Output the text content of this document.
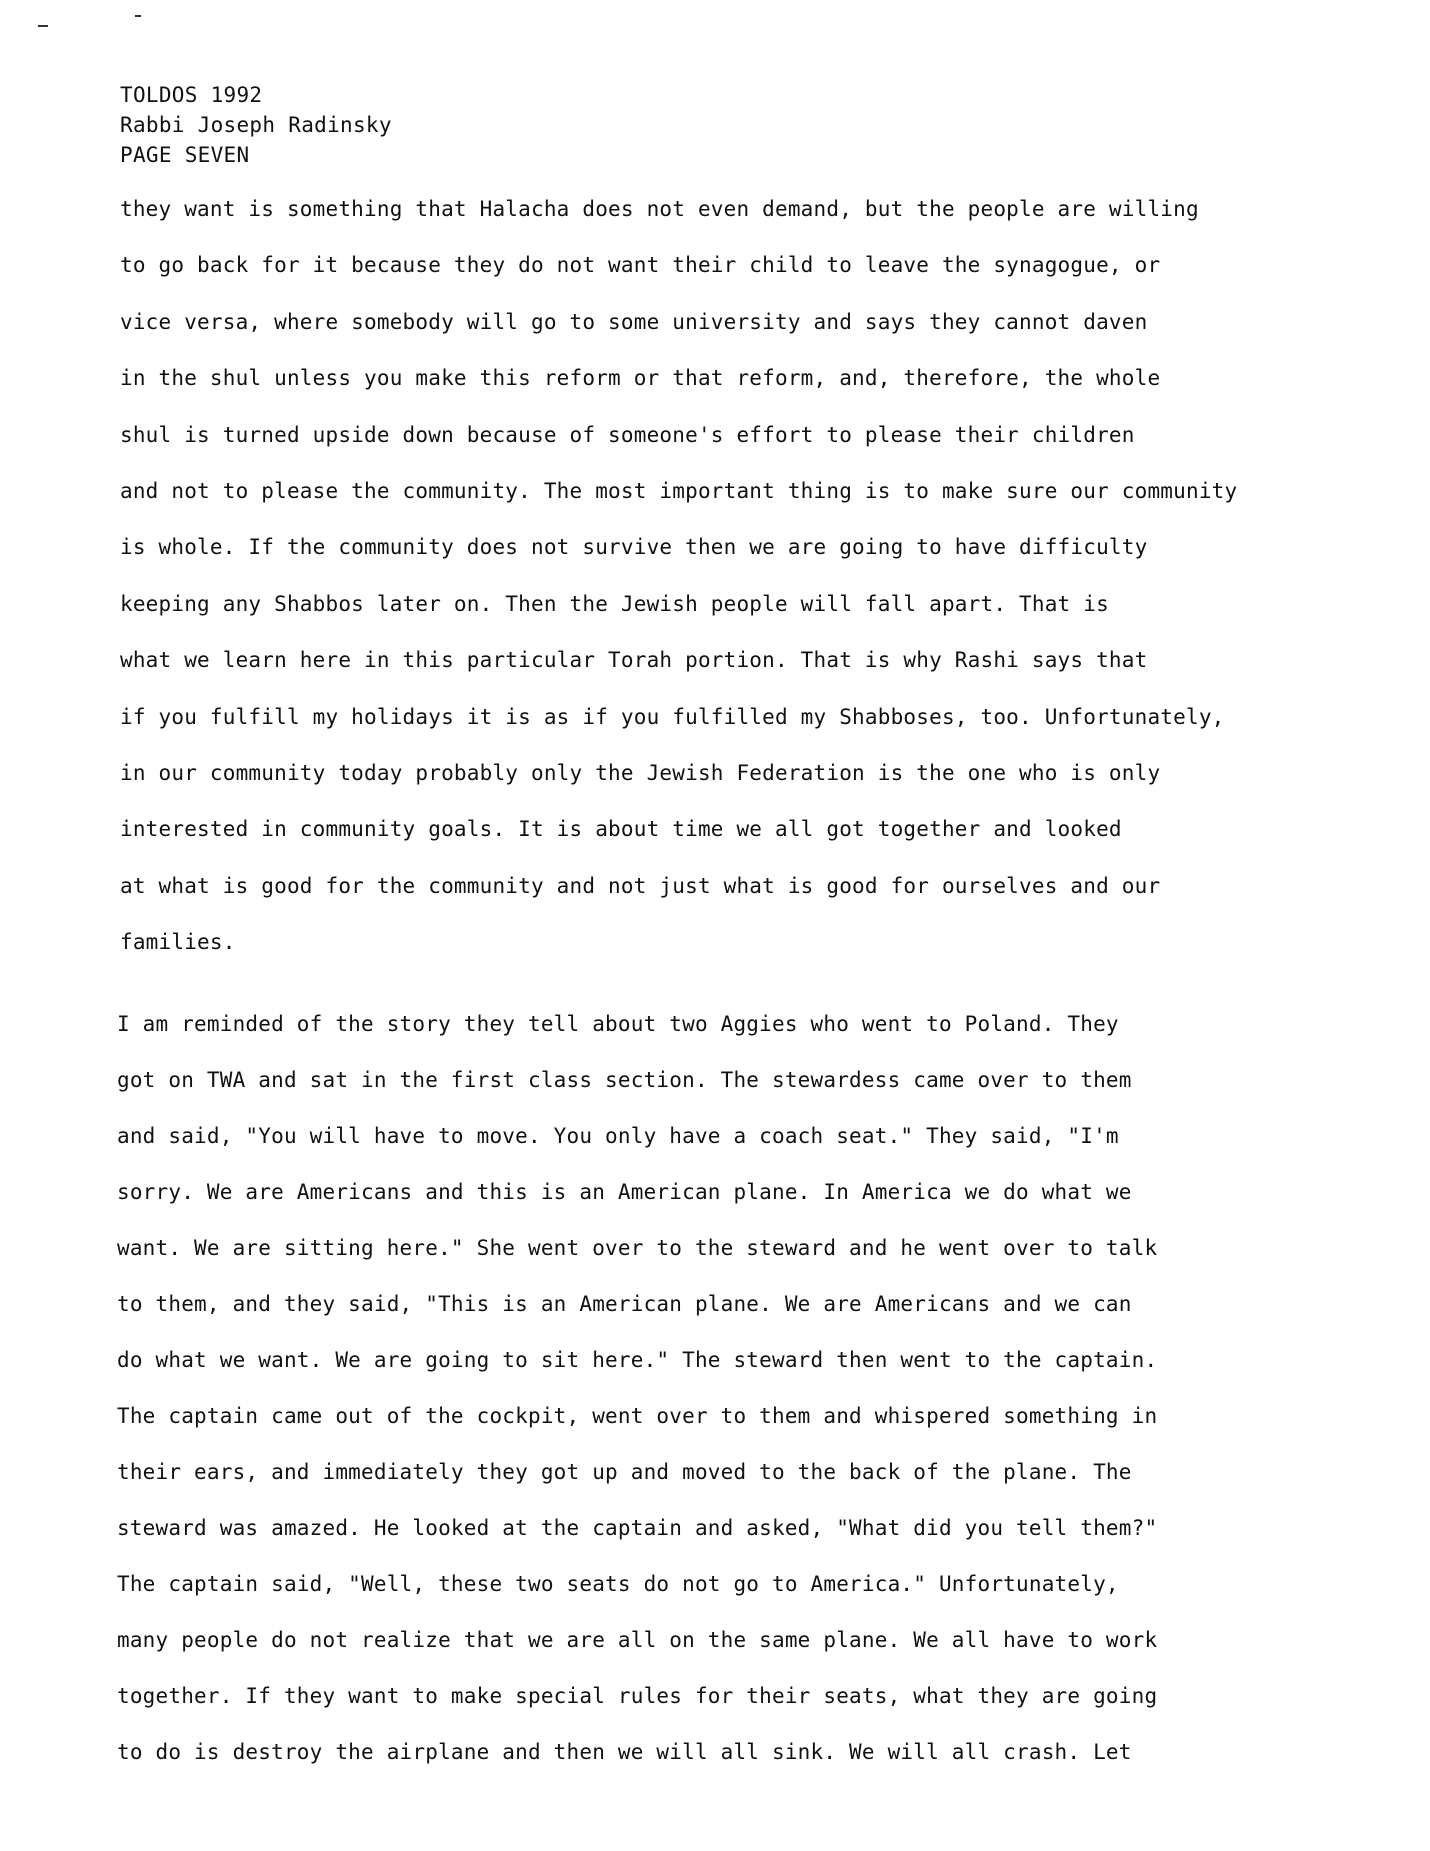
TOLDOS 1992
Rabbi Joseph Radinsky
PAGE SEVEN
they want is something that Halacha does not even demand, but the people are willing
to go back for it because they do not want their child to leave the synagogue, or
vice versa, where somebody will go to some university and says they cannot daven
in the shul unless you make this reform or that reform, and, therefore, the whole
shul is turned upside down because of someone's effort to please their children
and not to please the community. The most important thing is to make sure our community
is whole. If the community does not survive then we are going to have difficulty
keeping any Shabbos later on. Then the Jewish people will fall apart. That is
what we learn here in this particular Torah portion. That is why Rashi says that
if you fulfill my holidays it is as if you fulfilled my Shabboses, too. Unfortunately,
in our community today probably only the Jewish Federation is the one who is only
interested in community goals. It is about time we all got together and looked
at what is good for the community and not just what is good for ourselves and our
families.
I am reminded of the story they tell about two Aggies who went to Poland. They
got on TWA and sat in the first class section. The stewardess came over to them
and said, "You will have to move. You only have a coach seat." They said, "I'm
sorry. We are Americans and this is an American plane. In America we do what we
want. We are sitting here." She went over to the steward and he went over to talk
to them, and they said, "This is an American plane. We are Americans and we can
do what we want. We are going to sit here." The steward then went to the captain.
The captain came out of the cockpit, went over to them and whispered something in
their ears, and immediately they got up and moved to the back of the plane. The
steward was amazed. He looked at the captain and asked, "What did you tell them?"
The captain said, "Well, these two seats do not go to America." Unfortunately,
many people do not realize that we are all on the same plane. We all have to work
together. If they want to make special rules for their seats, what they are going
to do is destroy the airplane and then we will all sink. We will all crash. Let
